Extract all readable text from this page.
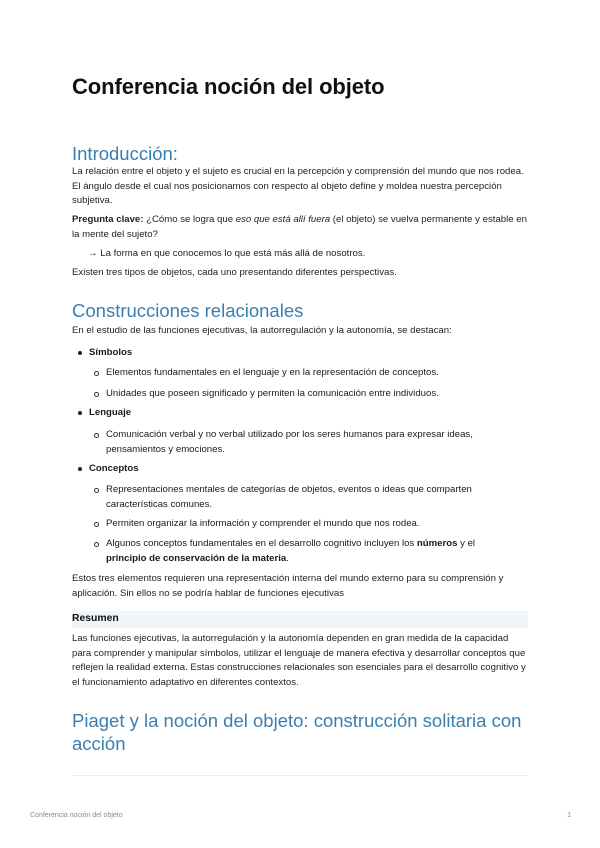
Conferencia noción del objeto
Introducción:

La relación entre el objeto y el sujeto es crucial en la percepción y comprensión del mundo que nos rodea. El ángulo desde el cual nos posicionamos con respecto al objeto define y moldea nuestra percepción subjetiva.

Pregunta clave: ¿Cómo se logra que eso que está allí fuera (el objeto) se vuelva permanente y estable en la mente del sujeto?

→ La forma en que conocemos lo que está más allá de nosotros.

Existen tres tipos de objetos, cada uno presentando diferentes perspectivas.

Construcciones relacionales

En el estudio de las funciones ejecutivas, la autorregulación y la autonomía, se destacan:

Símbolos
Elementos fundamentales en el lenguaje y en la representación de conceptos.
Unidades que poseen significado y permiten la comunicación entre individuos.
Lenguaje
Comunicación verbal y no verbal utilizado por los seres humanos para expresar ideas, pensamientos y emociones.
Conceptos
Representaciones mentales de categorías de objetos, eventos o ideas que comparten características comunes.
Permiten organizar la información y comprender el mundo que nos rodea.
Algunos conceptos fundamentales en el desarrollo cognitivo incluyen los números y el principio de conservación de la materia.

Estos tres elementos requieren una representación interna del mundo externo para su comprensión y aplicación. Sin ellos no se podría hablar de funciones ejecutivas

Resumen

Las funciones ejecutivas, la autorregulación y la autonomía dependen en gran medida de la capacidad para comprender y manipular símbolos, utilizar el lenguaje de manera efectiva y desarrollar conceptos que reflejen la realidad externa. Estas construcciones relacionales son esenciales para el desarrollo cognitivo y el funcionamiento adaptativo en diferentes contextos.

Piaget y la noción del objeto: construcción solitaria con acción
Conferencia noción del objeto	1
